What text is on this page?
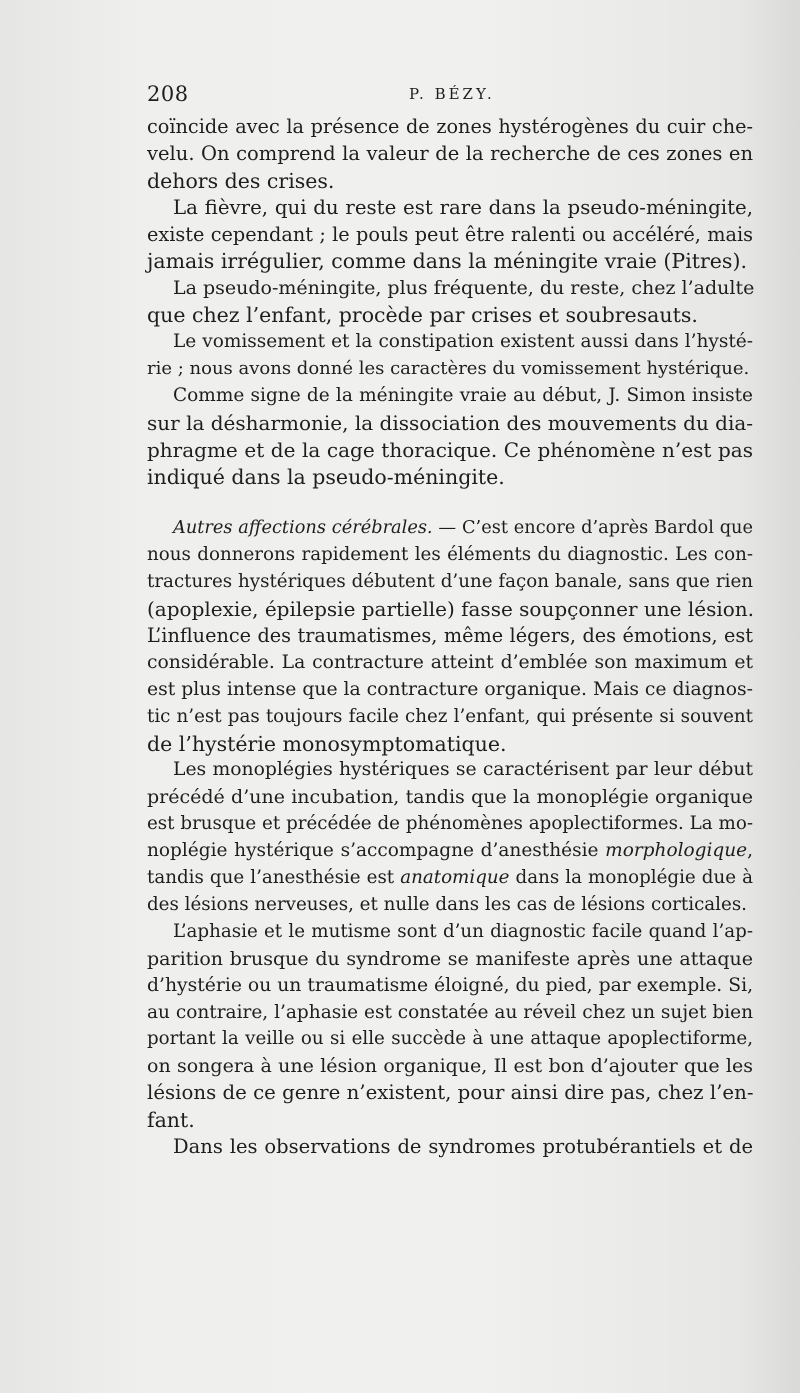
208	P. BÉZY.
coïncide avec la présence de zones hystérogènes du cuir che-
velu. On comprend la valeur de la recherche de ces zones en
dehors des crises.
La fièvre, qui du reste est rare dans la pseudo-méningite,
existe cependant ; le pouls peut être ralenti ou accéléré, mais
jamais irrégulier, comme dans la méningite vraie (Pitres).
La pseudo-méningite, plus fréquente, du reste, chez l’adulte
que chez l’enfant, procède par crises et soubresauts.
Le vomissement et la constipation existent aussi dans l’hysté-
rie ; nous avons donné les caractères du vomissement hystérique.
Comme signe de la méningite vraie au début, J. Simon insiste
sur la désharmonie, la dissociation des mouvements du dia-
phragme et de la cage thoracique. Ce phénomène n’est pas
indiqué dans la pseudo-méningite.
Autres affections cérébrales. — C’est encore d’après Bardol que
nous donnerons rapidement les éléments du diagnostic. Les con-
tractures hystériques débutent d’une façon banale, sans que rien
(apoplexie, épilepsie partielle) fasse soupçonner une lésion.
L’influence des traumatismes, même légers, des émotions, est
considérable. La contracture atteint d’emblée son maximum et
est plus intense que la contracture organique. Mais ce diagnos-
tic n’est pas toujours facile chez l’enfant, qui présente si souvent
de l’hystérie monosymptomatique.
Les monoplégies hystériques se caractérisent par leur début
précédé d’une incubation, tandis que la monoplégie organique
est brusque et précédée de phénomènes apoplectiformes. La mo-
noplégie hystérique s’accompagne d’anesthésie morphologique,
tandis que l’anesthésie est anatomique dans la monoplégie due à
des lésions nerveuses, et nulle dans les cas de lésions corticales.
L’aphasie et le mutisme sont d’un diagnostic facile quand l’ap-
parition brusque du syndrome se manifeste après une attaque
d’hystérie ou un traumatisme éloigné, du pied, par exemple. Si,
au contraire, l’aphasie est constatée au réveil chez un sujet bien
portant la veille ou si elle succède à une attaque apoplectiforme,
on songera à une lésion organique, Il est bon d’ajouter que les
lésions de ce genre n’existent, pour ainsi dire pas, chez l’en-
fant.
Dans les observations de syndromes protubérantiels et de
